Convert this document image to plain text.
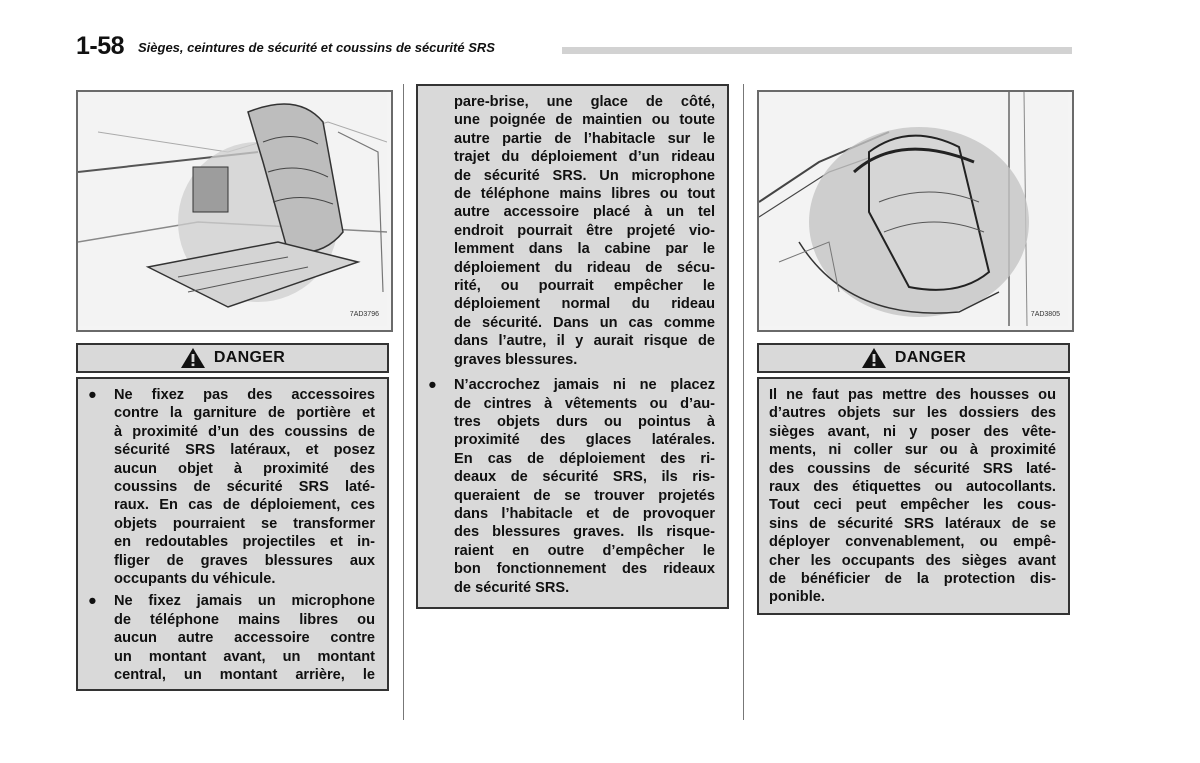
1-58 Sièges, ceintures de sécurité et coussins de sécurité SRS
7AD3796
DANGER
● Ne fixez pas des accessoires
contre la garniture de portière et
à proximité d’un des coussins de
sécurité SRS latéraux, et posez
aucun objet à proximité des
coussins de sécurité SRS laté-
raux. En cas de déploiement, ces
objets pourraient se transformer
en redoutables projectiles et in-
fliger de graves blessures aux
occupants du véhicule.
● Ne fixez jamais un microphone
de téléphone mains libres ou
aucun autre accessoire contre
un montant avant, un montant
central, un montant arrière, le
pare-brise, une glace de côté,
une poignée de maintien ou toute
autre partie de l’habitacle sur le
trajet du déploiement d’un rideau
de sécurité SRS. Un microphone
de téléphone mains libres ou tout
autre accessoire placé à un tel
endroit pourrait être projeté vio-
lemment dans la cabine par le
déploiement du rideau de sécu-
rité, ou pourrait empêcher le
déploiement normal du rideau
de sécurité. Dans un cas comme
dans l’autre, il y aurait risque de
graves blessures.
● N’accrochez jamais ni ne placez
de cintres à vêtements ou d’au-
tres objets durs ou pointus à
proximité des glaces latérales.
En cas de déploiement des ri-
deaux de sécurité SRS, ils ris-
queraient de se trouver projetés
dans l’habitacle et de provoquer
des blessures graves. Ils risque-
raient en outre d’empêcher le
bon fonctionnement des rideaux
de sécurité SRS.
7AD3805
DANGER
Il ne faut pas mettre des housses ou
d’autres objets sur les dossiers des
sièges avant, ni y poser des vête-
ments, ni coller sur ou à proximité
des coussins de sécurité SRS laté-
raux des étiquettes ou autocollants.
Tout ceci peut empêcher les cous-
sins de sécurité SRS latéraux de se
déployer convenablement, ou empê-
cher les occupants des sièges avant
de bénéficier de la protection dis-
ponible.
